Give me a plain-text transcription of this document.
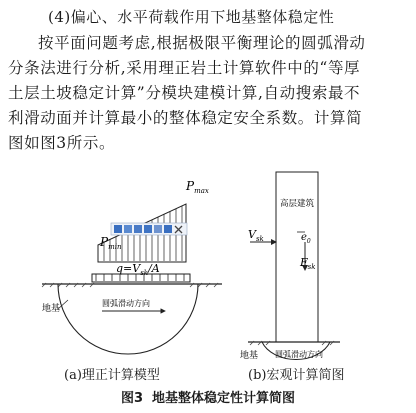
(4)偏心、水平荷载作用下地基整体稳定性
按平面问题考虑,根据极限平衡理论的圆弧滑动
分条法进行分析,采用理正岩土计算软件中的“等厚
土层土坡稳定计算”分模块建模计算,自动搜索最不
利滑动面并计算最小的整体稳定安全系数。计算简
图如图3所示。
$P_{max}$
$P_{min}$
$q=V_{sk}/A$
圆弧滑动方向
地基
高层建筑
$V_{sk}$	$e_0$
$F_{sk}$
圆弧滑动方向
地基
(a)理正计算模型	(b)宏观计算简图
图3 地基整体稳定性计算简图
